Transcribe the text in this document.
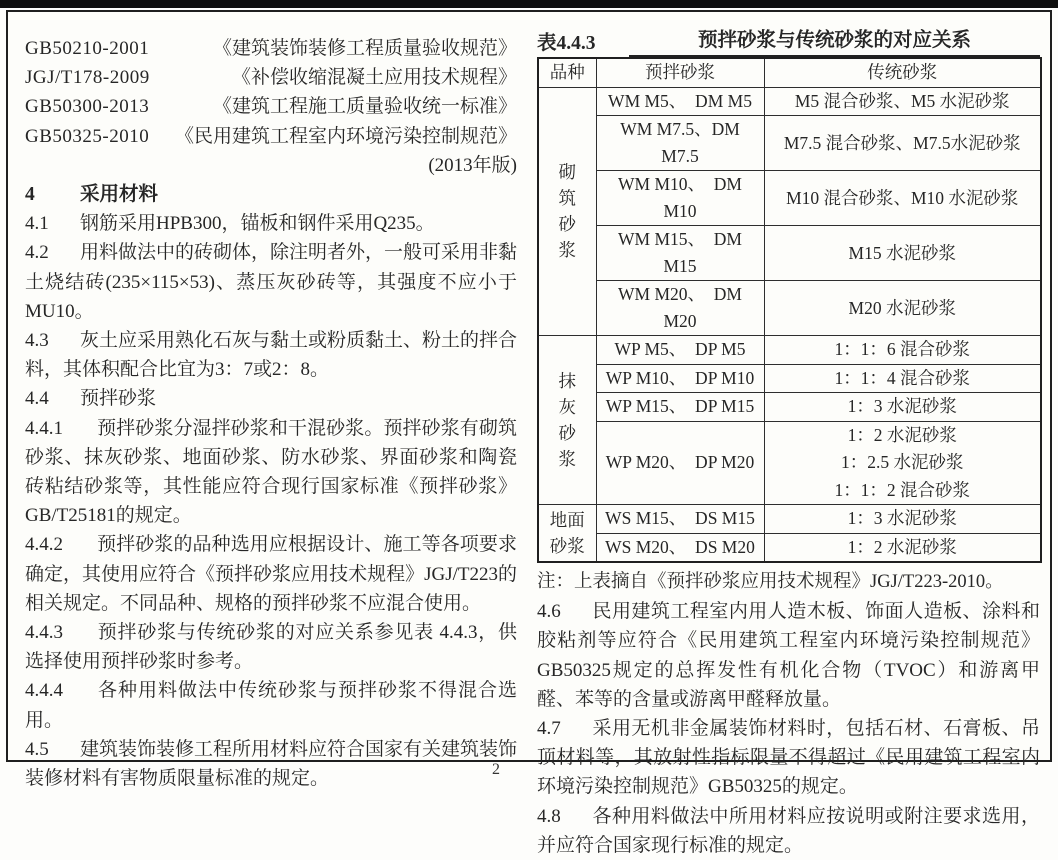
GB50210-2001	《建筑装饰装修工程质量验收规范》
JGJ/T178-2009	《补偿收缩混凝土应用技术规程》
GB50300-2013	《建筑工程施工质量验收统一标准》
GB50325-2010 《民用建筑工程室内环境污染控制规范》
(2013年版)

4 采用材料

4.1 钢筋采用HPB300，锚板和钢件采用Q235。

4.2 用料做法中的砖砌体，除注明者外，一般可采用非黏土烧结砖(235×115×53)、蒸压灰砂砖等，其强度不应小于MU10。

4.3 灰土应采用熟化石灰与黏土或粉质黏土、粉土的拌合料，其体积配合比宜为3：7或2：8。

4.4 预拌砂浆

4.4.1 预拌砂浆分湿拌砂浆和干混砂浆。预拌砂浆有砌筑砂浆、抹灰砂浆、地面砂浆、防水砂浆、界面砂浆和陶瓷砖粘结砂浆等，其性能应符合现行国家标准《预拌砂浆》GB/T25181的规定。

4.4.2 预拌砂浆的品种选用应根据设计、施工等各项要求确定，其使用应符合《预拌砂浆应用技术规程》JGJ/T223的相关规定。不同品种、规格的预拌砂浆不应混合使用。

4.4.3 预拌砂浆与传统砂浆的对应关系参见表 4.4.3，供选择使用预拌砂浆时参考。

4.4.4 各种用料做法中传统砂浆与预拌砂浆不得混合选用。

4.5 建筑装饰装修工程所用材料应符合国家有关建筑装饰装修材料有害物质限量标准的规定。

表4.4.3	预拌砂浆与传统砂浆的对应关系
品种	预拌砂浆	传统砂浆

砌筑砂浆	WM M5、　DM M5	M5 混合砂浆、M5 水泥砂浆
	WM M7.5、DM M7.5	M7.5 混合砂浆、M7.5水泥砂浆
	WM M10、　DM M10	M10 混合砂浆、M10 水泥砂浆
	WM M15、　DM M15	M15 水泥砂浆
	WM M20、　DM M20	M20 水泥砂浆

抹灰砂浆	WP M5、　DP M5	1：1：6 混合砂浆
	WP M10、　DP M10	1：1：4 混合砂浆
	WP M15、　DP M15	1：3 水泥砂浆
	WP M20、　DP M20	1：2 水泥砂浆
1：2.5 水泥砂浆
1：1：2 混合砂浆

地面砂浆	WS M15、　DS M15	1：3 水泥砂浆
	WS M20、　DS M20	1：2 水泥砂浆

注：上表摘自《预拌砂浆应用技术规程》JGJ/T223-2010。

4.6 民用建筑工程室内用人造木板、饰面人造板、涂料和胶粘剂等应符合《民用建筑工程室内环境污染控制规范》GB50325规定的总挥发性有机化合物（TVOC）和游离甲醛、苯等的含量或游离甲醛释放量。

4.7 采用无机非金属装饰材料时，包括石材、石膏板、吊顶材料等，其放射性指标限量不得超过《民用建筑工程室内环境污染控制规范》GB50325的规定。

4.8 各种用料做法中所用材料应按说明或附注要求选用，并应符合国家现行标准的规定。

2
